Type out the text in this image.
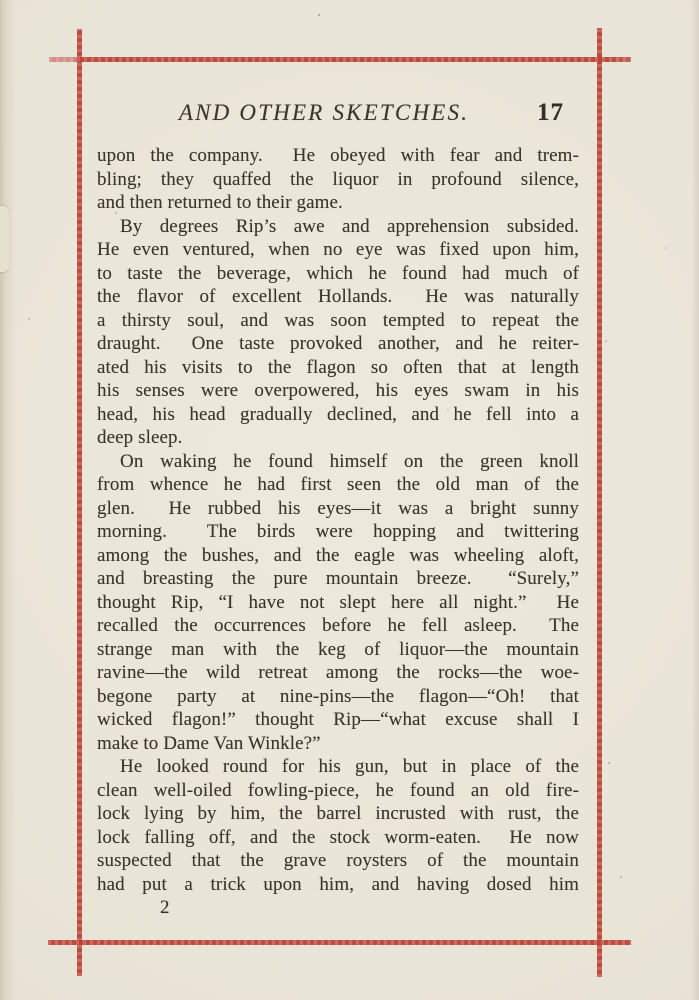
AND OTHER SKETCHES.	17
upon the company.  He obeyed with fear and trem-
bling; they quaffed the liquor in profound silence,
and then returned to their game.
By degrees Rip’s awe and apprehension subsided.
He even ventured, when no eye was fixed upon him,
to taste the beverage, which he found had much of
the flavor of excellent Hollands.  He was naturally
a thirsty soul, and was soon tempted to repeat the
draught.  One taste provoked another, and he reiter-
ated his visits to the flagon so often that at length
his senses were overpowered, his eyes swam in his
head, his head gradually declined, and he fell into a
deep sleep.
On waking he found himself on the green knoll
from whence he had first seen the old man of the
glen.  He rubbed his eyes—it was a bright sunny
morning.  The birds were hopping and twittering
among the bushes, and the eagle was wheeling aloft,
and breasting the pure mountain breeze.  “Surely,”
thought Rip, “I have not slept here all night.”  He
recalled the occurrences before he fell asleep.  The
strange man with the keg of liquor—the mountain
ravine—the wild retreat among the rocks—the woe-
begone party at nine-pins—the flagon—“Oh! that
wicked flagon!” thought Rip—“what excuse shall I
make to Dame Van Winkle?”
He looked round for his gun, but in place of the
clean well-oiled fowling-piece, he found an old fire-
lock lying by him, the barrel incrusted with rust, the
lock falling off, and the stock worm-eaten.  He now
suspected that the grave roysters of the mountain
had put a trick upon him, and having dosed him
2
